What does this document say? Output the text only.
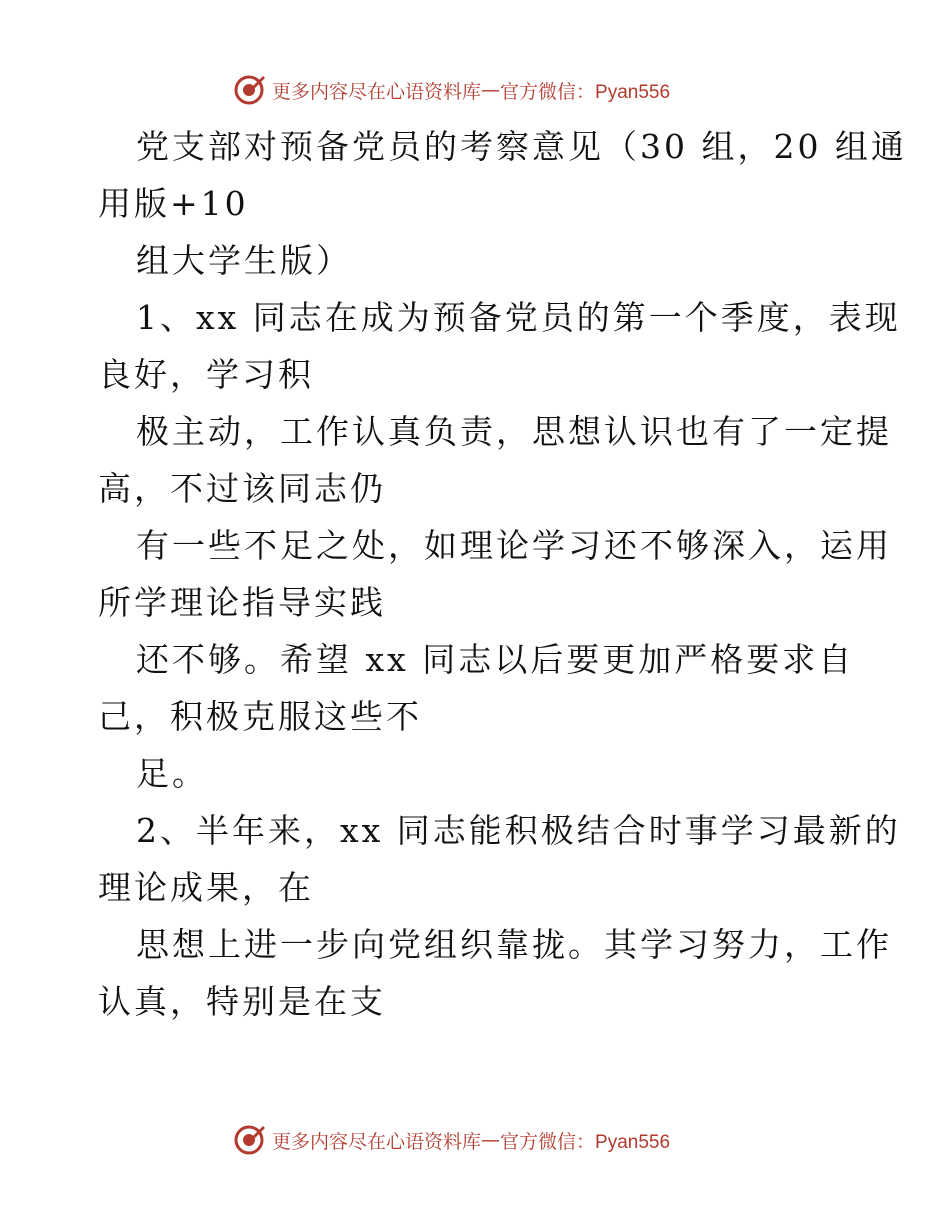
更多内容尽在心语资料库 — 官方微信：Pyan556
党支部对预备党员的考察意见（30 组，20 组通
用版+10
组大学生版）
1、xx 同志在成为预备党员的第一个季度，表现
良好，学习积
极主动，工作认真负责，思想认识也有了一定提
高，不过该同志仍
有一些不足之处，如理论学习还不够深入，运用
所学理论指导实践
还不够。希望 xx 同志以后要更加严格要求自
己，积极克服这些不
足。
2、半年来，xx 同志能积极结合时事学习最新的
理论成果，在
思想上进一步向党组织靠拢。其学习努力，工作
认真，特别是在支
更多内容尽在心语资料库 — 官方微信：Pyan556
